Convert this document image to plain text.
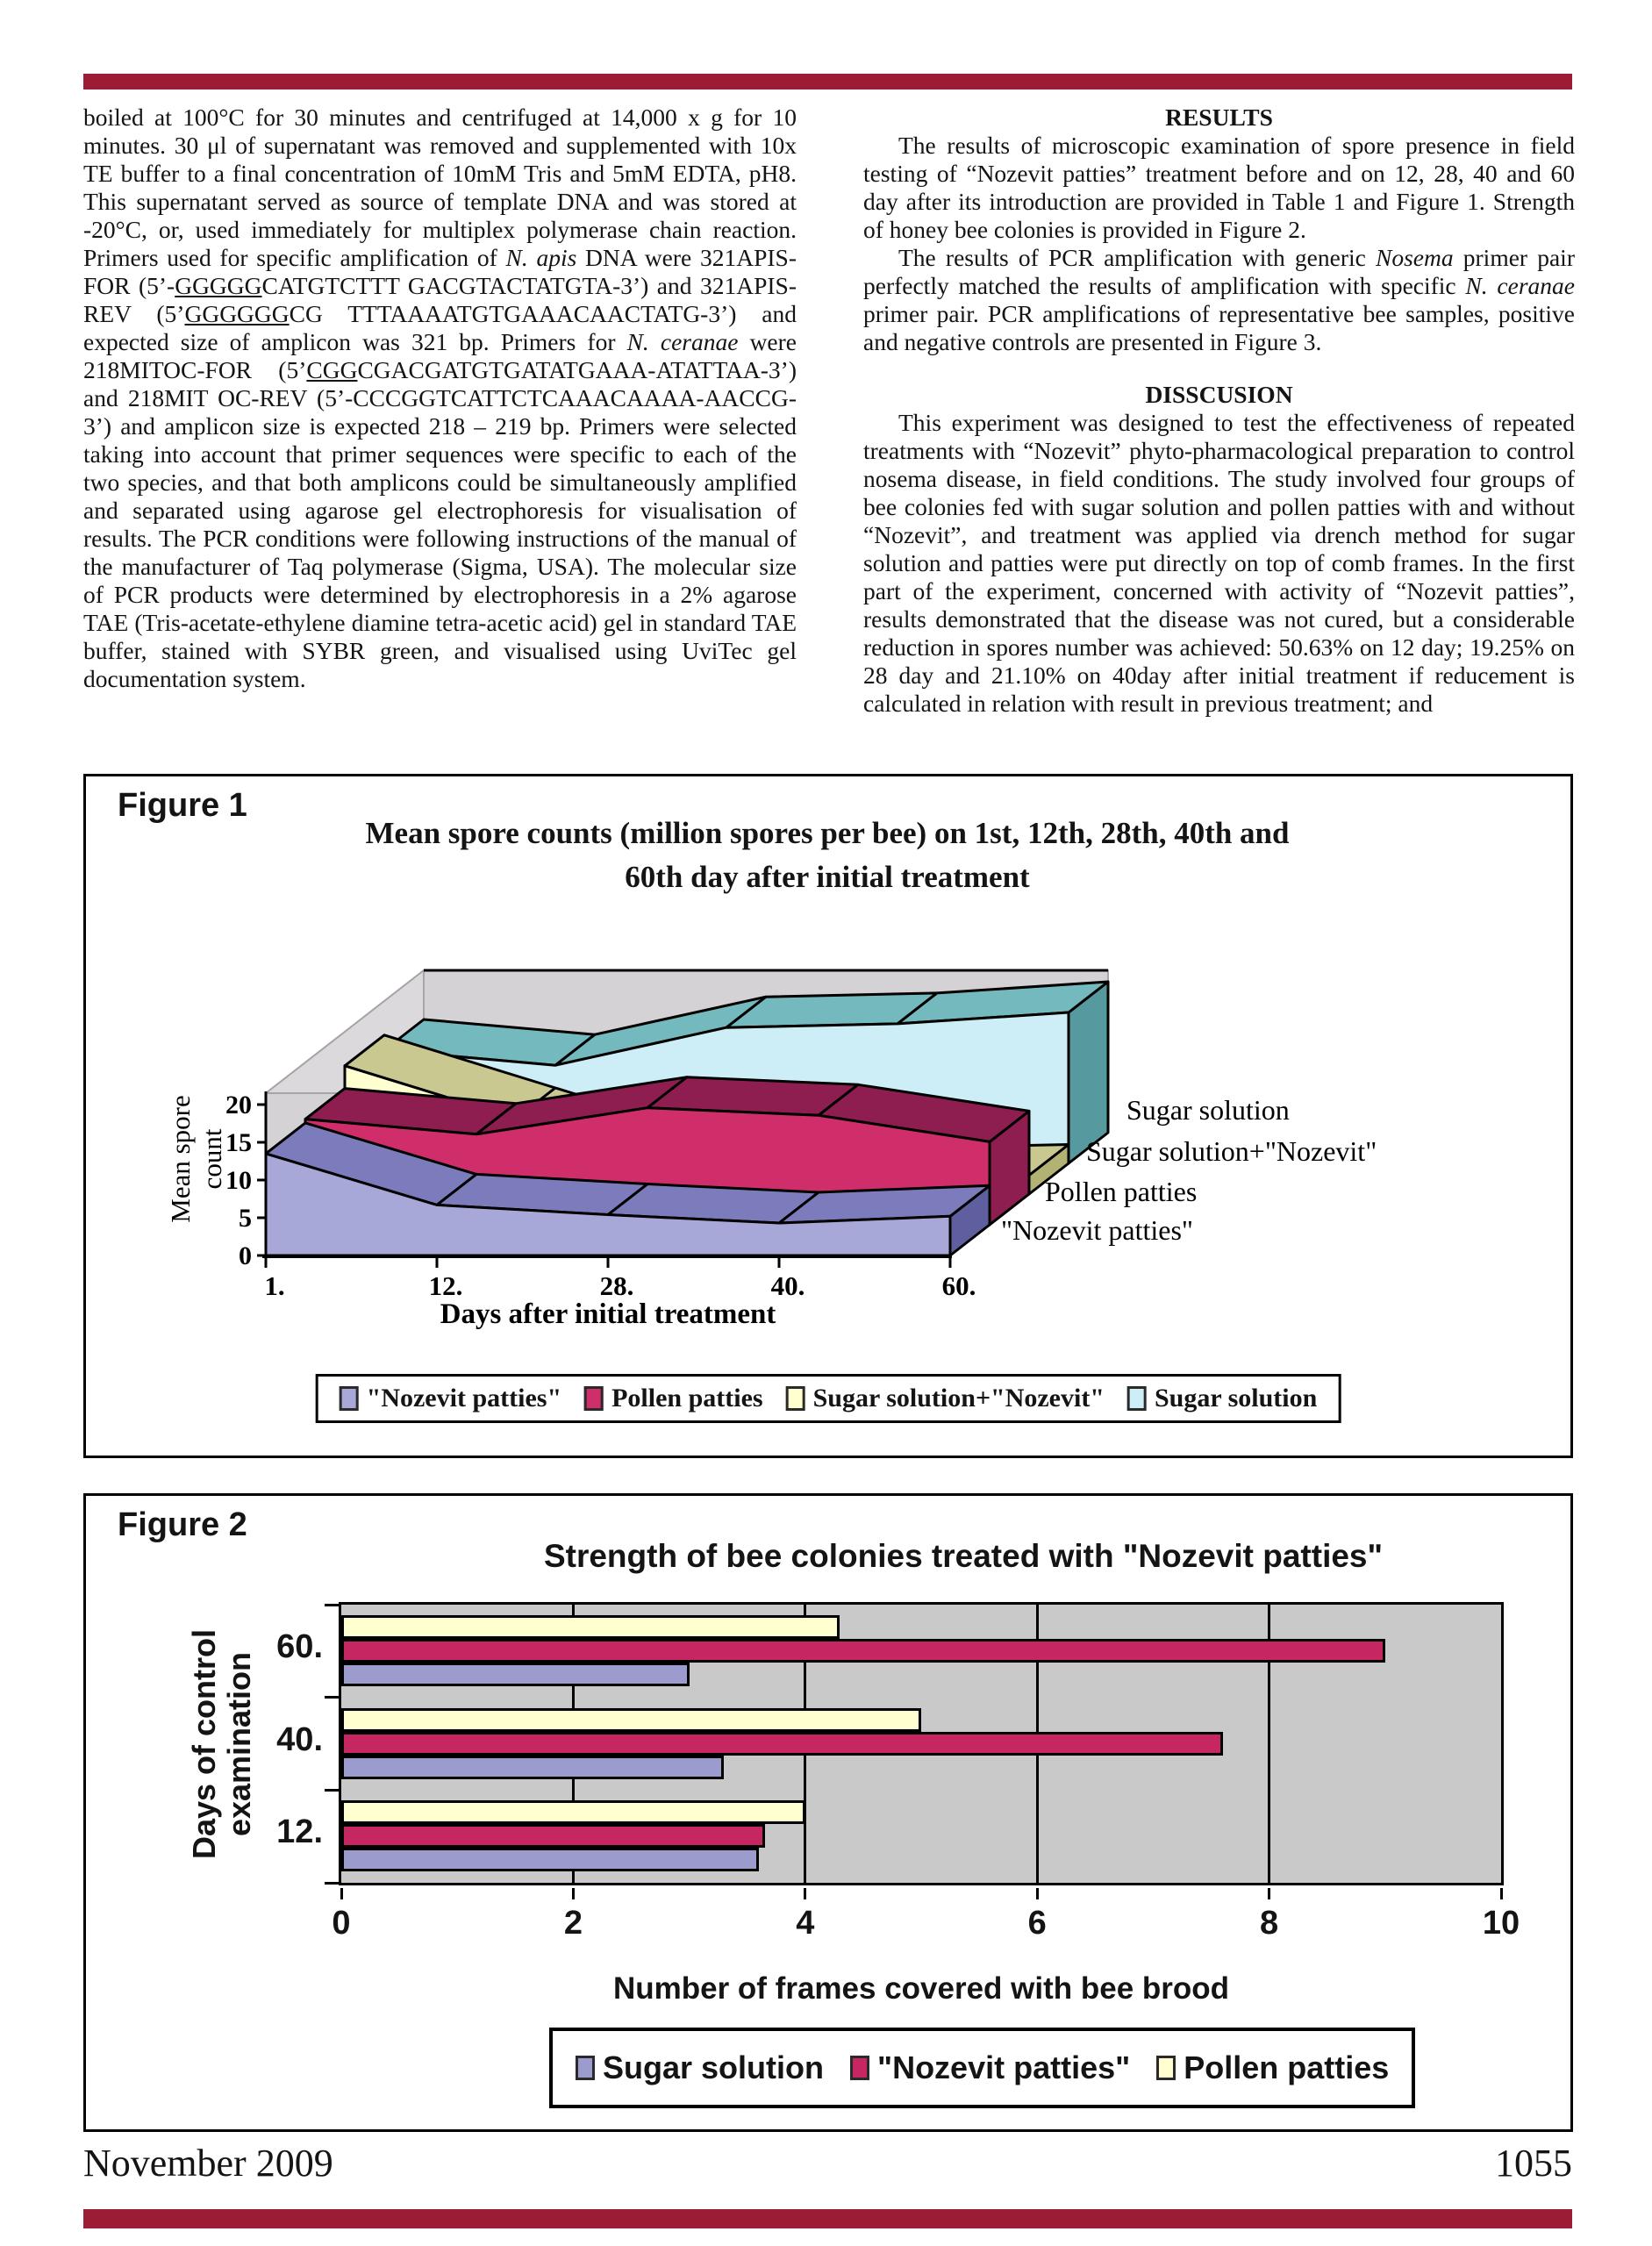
boiled at 100°C for 30 minutes and centrifuged at 14,000 x g for 10 minutes. 30 μl of supernatant was removed and supplemented with 10x TE buffer to a final concentration of 10mM Tris and 5mM EDTA, pH8. This supernatant served as source of template DNA and was stored at -20°C, or, used immediately for multiplex polymerase chain reaction. Primers used for specific amplification of N. apis DNA were 321APIS-FOR (5’-GGGGGCATGTCTTT GACGTACTATGTA-3’) and 321APIS-REV (5’GGGGGGCG TTTAAAATGTGAAACAACTATG-3’) and expected size of amplicon was 321 bp. Primers for N. ceranae were 218MITOC-FOR (5’CGGCGACGATGTGATATGAAA-ATATTAA-3’) and 218MIT OC-REV (5’-CCCGGTCATTCTCAAACAAAA-AACCG-3’) and amplicon size is expected 218 – 219 bp. Primers were selected taking into account that primer sequences were specific to each of the two species, and that both amplicons could be simultaneously amplified and separated using agarose gel electrophoresis for visualisation of results. The PCR conditions were following instructions of the manual of the manufacturer of Taq polymerase (Sigma, USA). The molecular size of PCR products were determined by electrophoresis in a 2% agarose TAE (Tris-acetate-ethylene diamine tetra-acetic acid) gel in standard TAE buffer, stained with SYBR green, and visualised using UviTec gel documentation system.

RESULTS

The results of microscopic examination of spore presence in field testing of “Nozevit patties” treatment before and on 12, 28, 40 and 60 day after its introduction are provided in Table 1 and Figure 1. Strength of honey bee colonies is provided in Figure 2.

The results of PCR amplification with generic Nosema primer pair perfectly matched the results of amplification with specific N. ceranae primer pair. PCR amplifications of representative bee samples, positive and negative controls are presented in Figure 3.

DISSCUSION

This experiment was designed to test the effectiveness of repeated treatments with “Nozevit” phyto-pharmacological preparation to control nosema disease, in field conditions. The study involved four groups of bee colonies fed with sugar solution and pollen patties with and without “Nozevit”, and treatment was applied via drench method for sugar solution and patties were put directly on top of comb frames. In the first part of the experiment, concerned with activity of “Nozevit patties”, results demonstrated that the disease was not cured, but a considerable reduction in spores number was achieved: 50.63% on 12 day; 19.25% on 28 day and 21.10% on 40day after initial treatment if reducement is calculated in relation with result in previous treatment; and

Figure 1
Mean spore counts (million spores per bee) on 1st, 12th, 28th, 40th and
60th day after initial treatment
0
5
10
15
20
1.	12.	28.	40.	60.
Days after initial treatment
Mean spore count
Sugar solution
Sugar solution+"Nozevit"
Pollen patties
"Nozevit patties"
"Nozevit patties" Pollen patties Sugar solution+"Nozevit" Sugar solution
Figure 2
Strength of bee colonies treated with "Nozevit patties"
Days of control examination
Number of frames covered with bee brood
Sugar solution "Nozevit patties" Pollen patties
60.
40.
12.
0	2	4	6	8	10
November 2009	1055
